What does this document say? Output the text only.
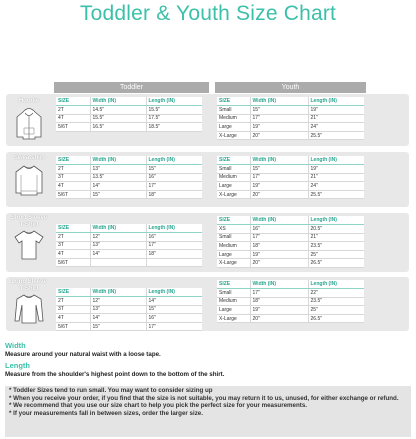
Toddler & Youth Size Chart
Toddler	Youth
Hoodie	SIZE	Width (IN)	Length (IN)
2T	14.5"	15.5"
4T	15.5"	17.5"
5/6T	16.5"	18.5"
SIZE	Width (IN)	Length (IN)
Small	15"	19"
Medium	17"	21"
Large	19"	24"
X-Large	20"	25.5"
Sweatshirt	SIZE	Width (IN)	Length (IN)
2T	13"	15"
3T	13.5"	16"
4T	14"	17"
5/6T	15"	18"
SIZE	Width (IN)	Length (IN)
Small	15"	19"
Medium	17"	21"
Large	19"	24"
X-Large	20"	25.5"
Short Sleeve T-Shirt
SIZE	Width (IN)	Length (IN)
2T	12"	16"
3T	13"	17"
4T	14"	18"
5/6T		
SIZE	Width (IN)	Length (IN)
XS	16"	20.5"
Small	17"	21"
Medium	18"	23.5"
Large	19"	25"
X-Large	20"	26.5"
Long Sleeve T-Shirt
SIZE	Width (IN)	Length (IN)
2T	12"	14"
3T	13"	15"
4T	14"	16"
5/6T	15"	17"
SIZE	Width (IN)	Length (IN)
Small	17"	22"
Medium	18"	23.5"
Large	19"	25"
X-Large	20"	26.5"
Width
Measure around your natural waist with a loose tape.
Length
Measure from the shoulder's highest point down to the bottom of the shirt.
* Toddler Sizes tend to run small. You may want to consider sizing up
* When you receive your order, if you find that the size is not suitable, you may return it to us, unused, for either exchange or refund.
* We recommend that you use our size chart to help you pick the perfect size for your measurements.
* If your measurements fall in between sizes, order the larger size.
